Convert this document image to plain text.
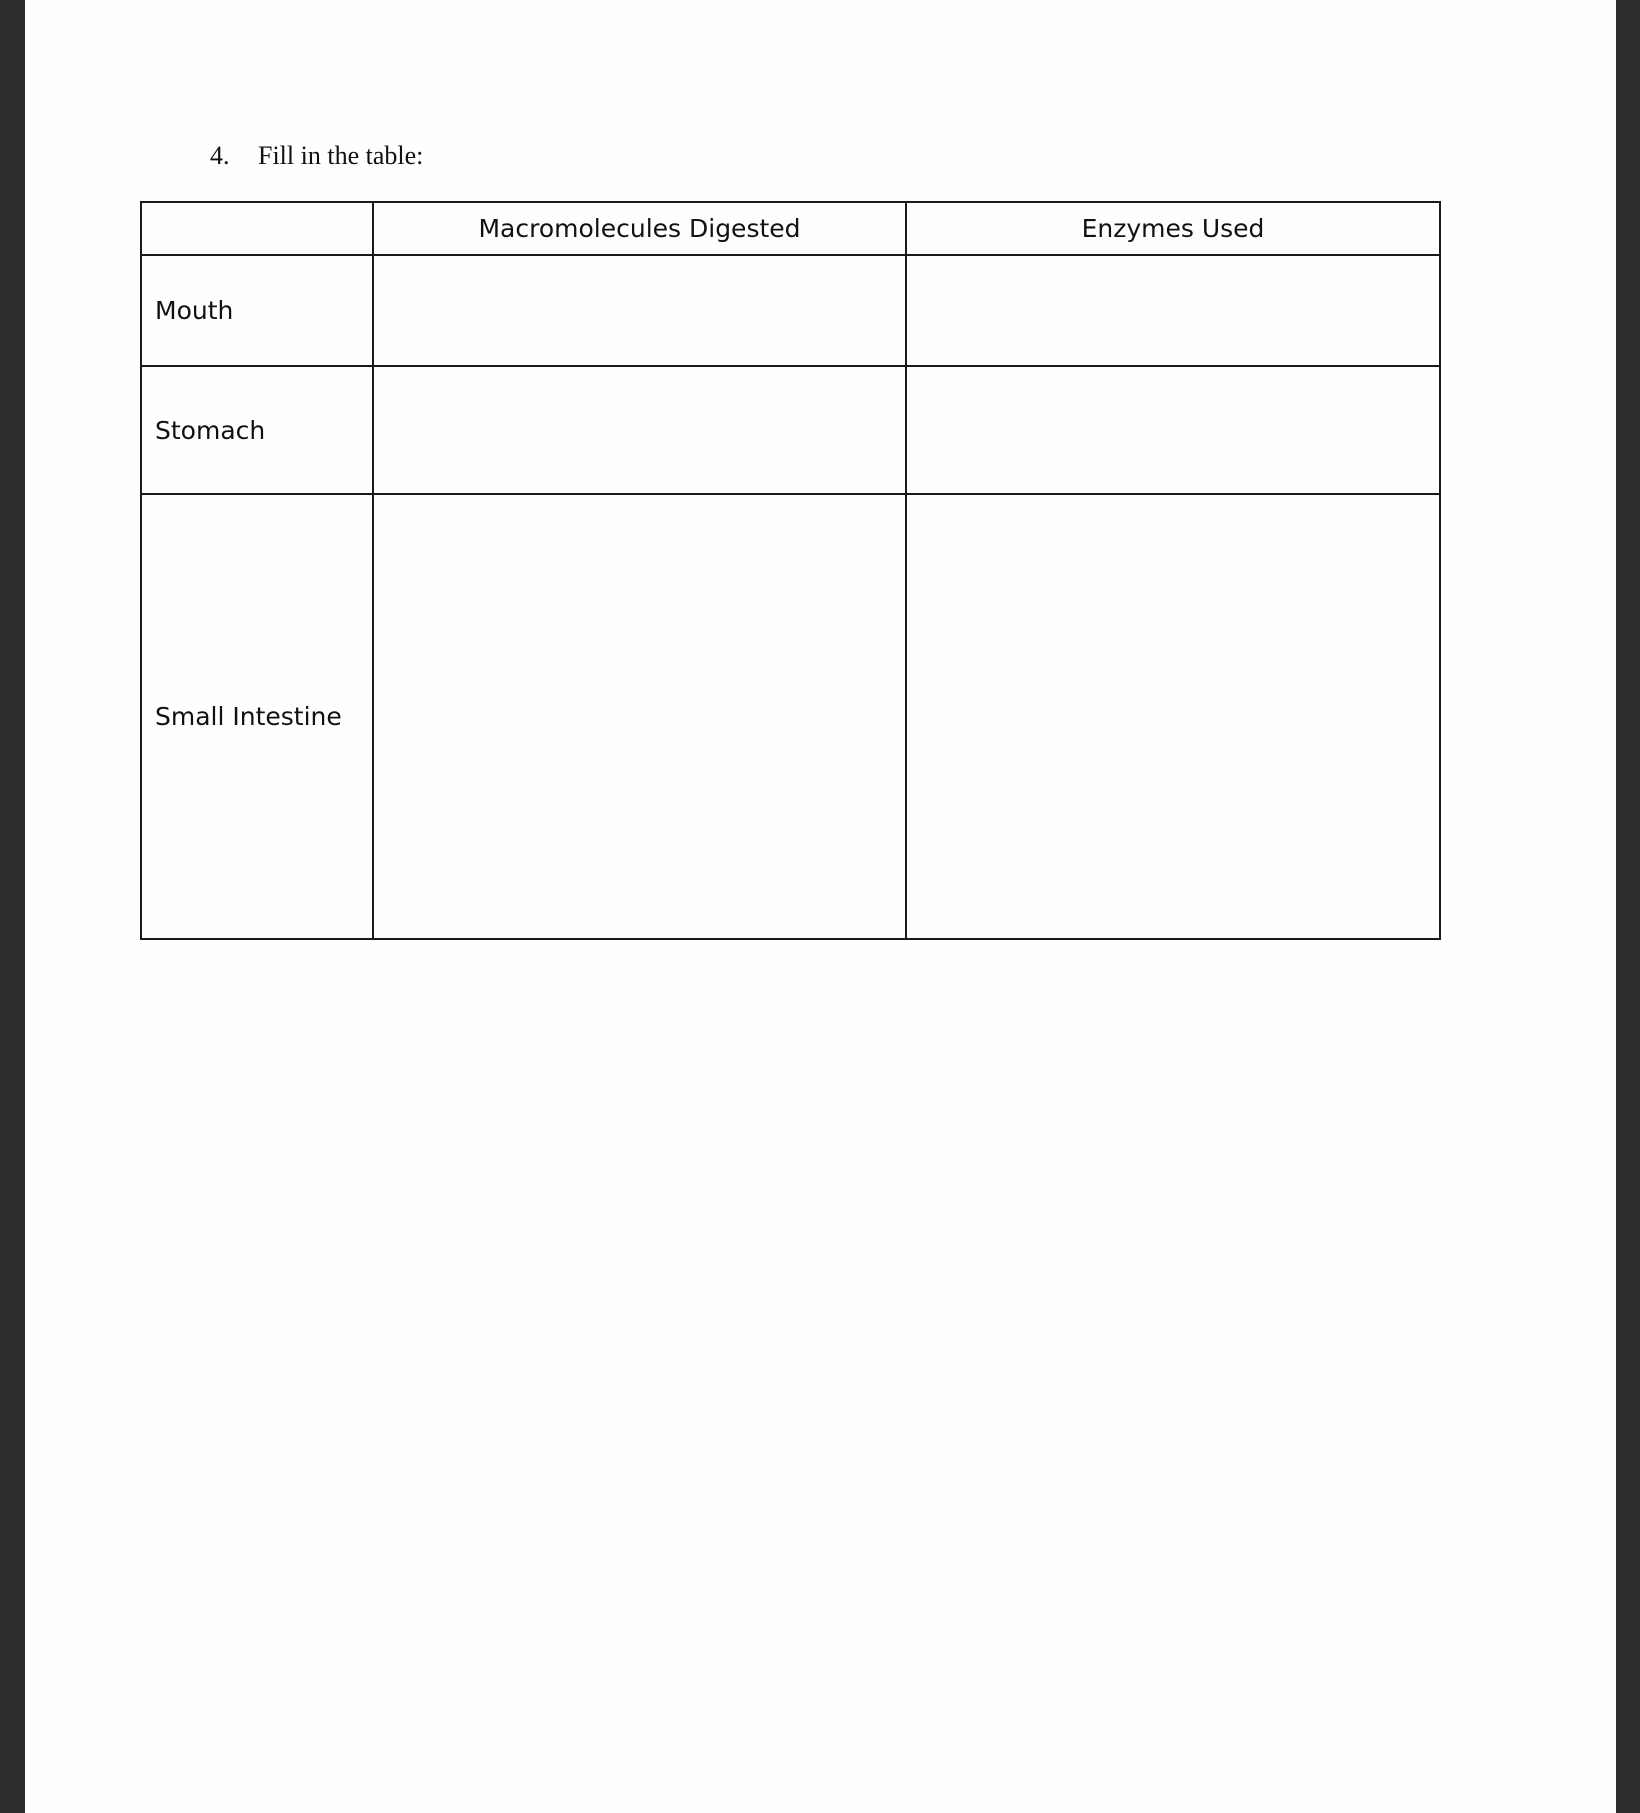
4. Fill in the table:
	Macromolecules Digested	Enzymes Used
Mouth		
Stomach		
Small Intestine		
